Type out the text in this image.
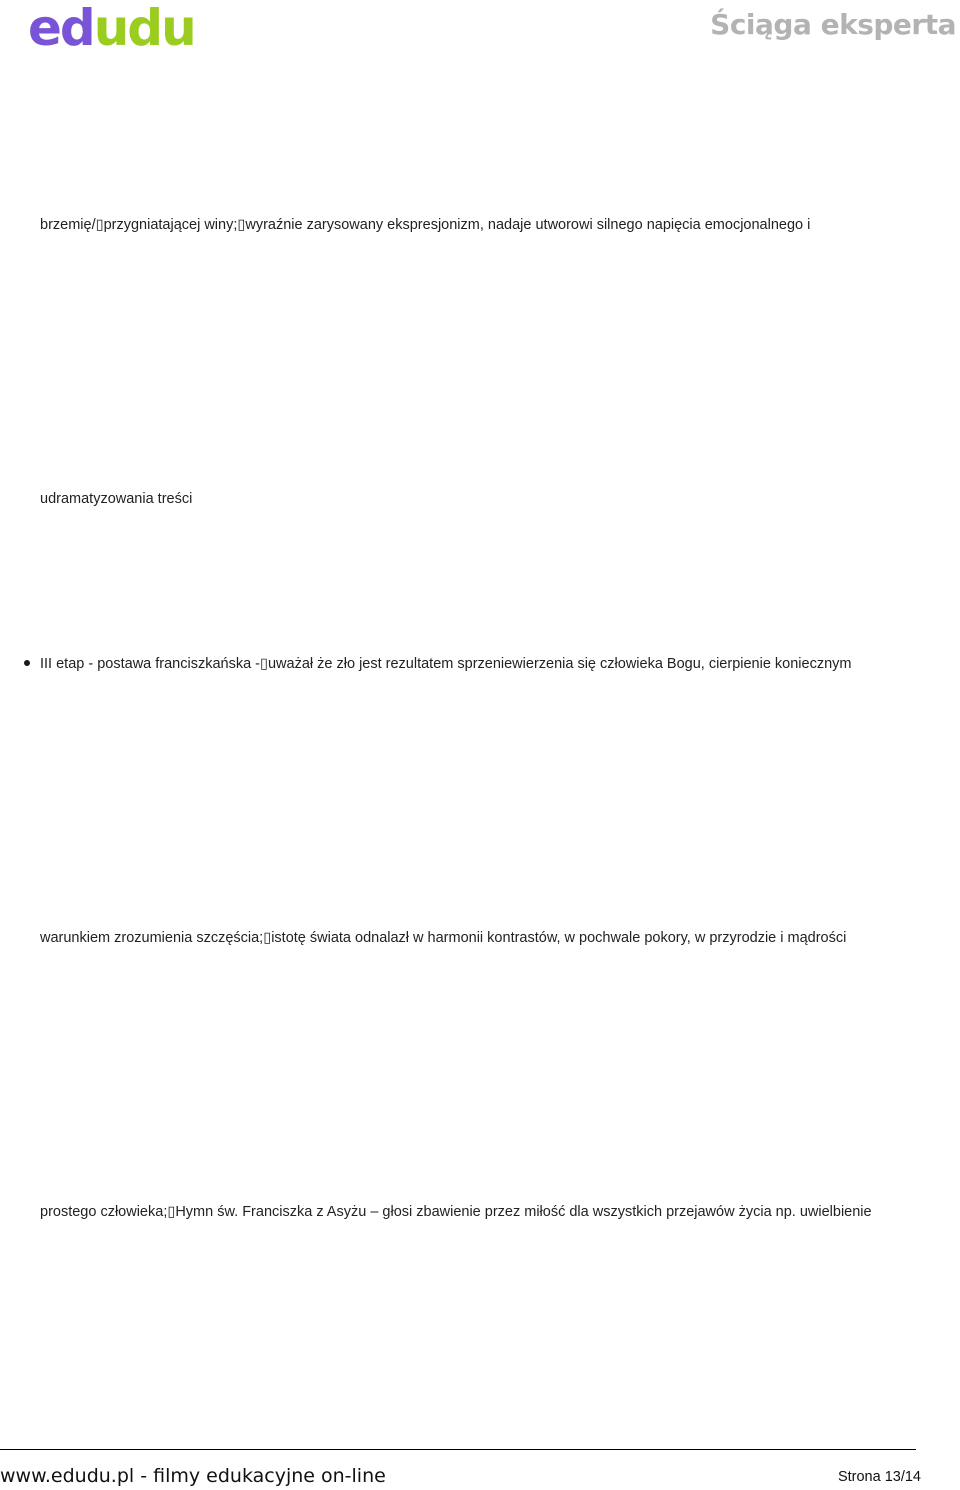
edudu	Ściąga eksperta
brzemię/▯przygniatającej winy;▯wyraźnie zarysowany ekspresjonizm, nadaje utworowi silnego napięcia emocjonalnego i
udramatyzowania treści
III etap - postawa franciszkańska -▯uważał że zło jest rezultatem sprzeniewierzenia się człowieka Bogu, cierpienie koniecznym
warunkiem zrozumienia szczęścia;▯istotę świata odnalazł w harmonii kontrastów, w pochwale pokory, w przyrodzie i mądrości
prostego człowieka;▯Hymn św. Franciszka z Asyżu – głosi zbawienie przez miłość dla wszystkich przejawów życia np. uwielbienie
www.edudu.pl - filmy edukacyjne on-line	Strona 13/14
